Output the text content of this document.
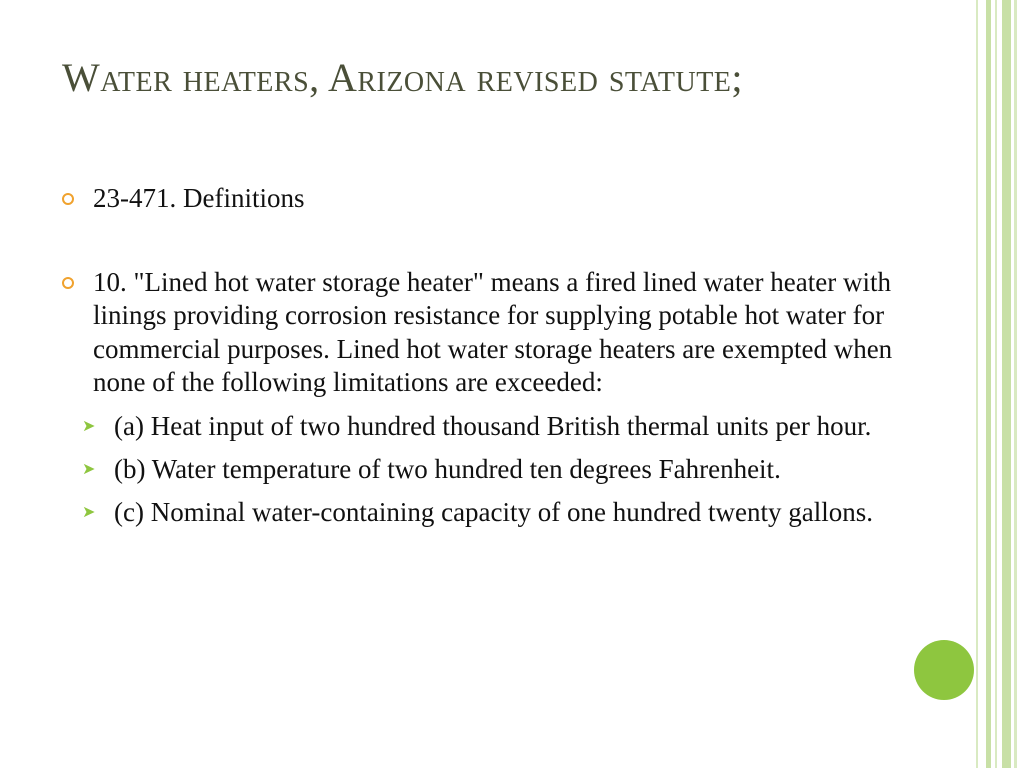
Water heaters, Arizona revised statute;
23-471. Definitions
10. "Lined hot water storage heater" means a fired lined water heater with linings providing corrosion resistance for supplying potable hot water for commercial purposes. Lined hot water storage heaters are exempted when none of the following limitations are exceeded:
➤ (a) Heat input of two hundred thousand British thermal units per hour.
➤ (b) Water temperature of two hundred ten degrees Fahrenheit.
➤ (c) Nominal water-containing capacity of one hundred twenty gallons.
